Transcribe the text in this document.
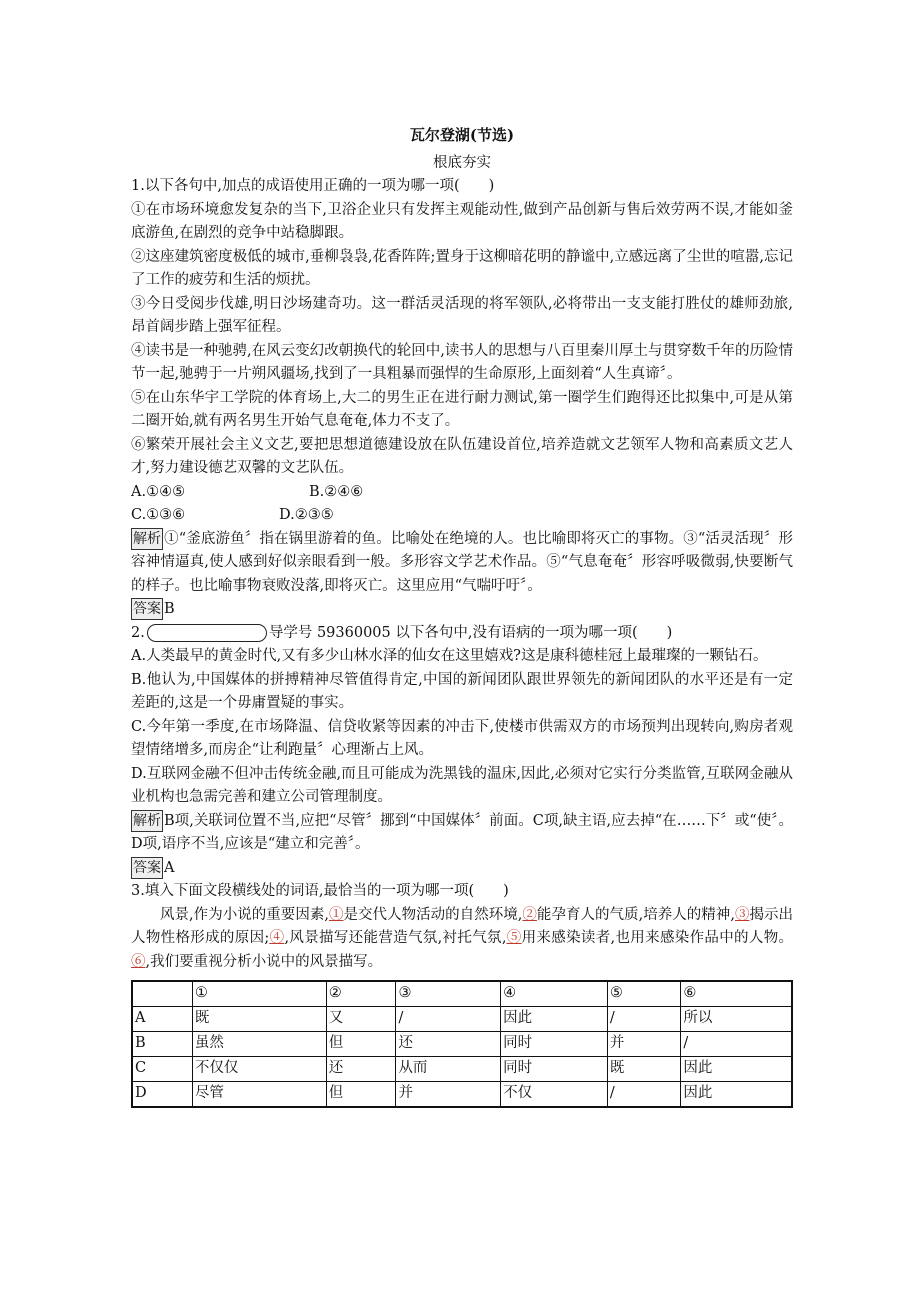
瓦尔登湖(节选)
根底夯实

1.以下各句中,加点的成语使用正确的一项为哪一项(　　)

①在市场环境愈发复杂的当下,卫浴企业只有发挥主观能动性,做到产品创新与售后效劳两不误,才能如釜底游鱼,在剧烈的竞争中站稳脚跟。

②这座建筑密度极低的城市,垂柳袅袅,花香阵阵;置身于这柳暗花明的静谧中,立感远离了尘世的喧嚣,忘记了工作的疲劳和生活的烦扰。

③今日受阅步伐雄,明日沙场建奇功。这一群活灵活现的将军领队,必将带出一支支能打胜仗的雄师劲旅,昂首阔步踏上强军征程。

④读书是一种驰骋,在风云变幻改朝换代的轮回中,读书人的思想与八百里秦川厚土与贯穿数千年的历险情节一起,驰骋于一片朔风疆场,找到了一具粗暴而强悍的生命原形,上面刻着“人生真谛〞。

⑤在山东华宇工学院的体育场上,大二的男生正在进行耐力测试,第一圈学生们跑得还比拟集中,可是从第二圈开始,就有两名男生开始气息奄奄,体力不支了。

⑥繁荣开展社会主义文艺,要把思想道德建设放在队伍建设首位,培养造就文艺领军人物和高素质文艺人才,努力建设德艺双馨的文艺队伍。

A.①④⑤	B.②④⑥
C.①③⑥	D.②③⑤

解析 ①“釜底游鱼〞指在锅里游着的鱼。比喻处在绝境的人。也比喻即将灭亡的事物。③“活灵活现〞形容神情逼真,使人感到好似亲眼看到一般。多形容文学艺术作品。⑤“气息奄奄〞形容呼吸微弱,快要断气的样子。也比喻事物衰败没落,即将灭亡。这里应用“气喘吁吁〞。

答案 B

2.	导学号 59360005 以下各句中,没有语病的一项为哪一项(　　)

A.人类最早的黄金时代,又有多少山林水泽的仙女在这里嬉戏?这是康科德桂冠上最璀璨的一颗钻石。

B.他认为,中国媒体的拼搏精神尽管值得肯定,中国的新闻团队跟世界领先的新闻团队的水平还是有一定差距的,这是一个毋庸置疑的事实。

C.今年第一季度,在市场降温、信贷收紧等因素的冲击下,使楼市供需双方的市场预判出现转向,购房者观望情绪增多,而房企“让利跑量〞心理渐占上风。

D.互联网金融不但冲击传统金融,而且可能成为洗黑钱的温床,因此,必须对它实行分类监管,互联网金融从业机构也急需完善和建立公司管理制度。

解析 B项,关联词位置不当,应把“尽管〞挪到“中国媒体〞前面。C项,缺主语,应去掉“在……下〞或“使〞。D项,语序不当,应该是“建立和完善〞。

答案 A

3.填入下面文段横线处的词语,最恰当的一项为哪一项(　　)

风景,作为小说的重要因素,①是交代人物活动的自然环境,②能孕育人的气质,培养人的精神,③揭示出人物性格形成的原因;④,风景描写还能营造气氛,衬托气氛,⑤用来感染读者,也用来感染作品中的人物。⑥,我们要重视分析小说中的风景描写。

	①	②	③	④	⑤	⑥
A	既	又	/	因此	/	所以
B	虽然	但	还	同时	并	/
C	不仅仅	还	从而	同时	既	因此
D	尽管	但	并	不仅	/	因此
